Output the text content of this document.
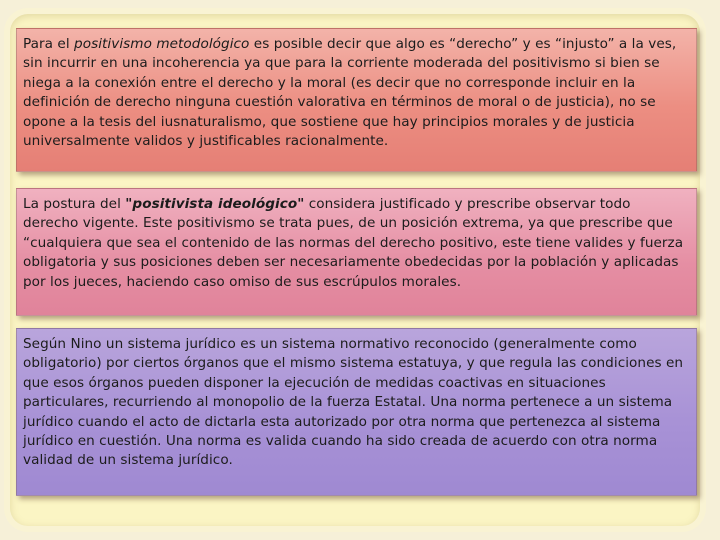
Para el positivismo metodológico es posible decir que algo es “derecho” y es “injusto” a la ves, sin incurrir en una incoherencia ya que para la corriente moderada del positivismo si bien se niega a la conexión entre el derecho y la moral (es decir que no corresponde incluir en la definición de derecho ninguna cuestión valorativa en términos de moral o de justicia), no se opone a la tesis del iusnaturalismo, que sostiene que hay principios morales y de justicia universalmente validos y justificables racionalmente.

La postura del "positivista ideológico" considera justificado y prescribe observar todo derecho vigente. Este positivismo se trata pues, de un posición extrema, ya que prescribe que “cualquiera que sea el contenido de las normas del derecho positivo, este tiene valides y fuerza obligatoria y sus posiciones deben ser necesariamente obedecidas por la población y aplicadas por los jueces, haciendo caso omiso de sus escrúpulos morales.

Según Nino un sistema jurídico es un sistema normativo reconocido (generalmente como obligatorio) por ciertos órganos que el mismo sistema estatuya, y que regula las condiciones en que esos órganos pueden disponer la ejecución de medidas coactivas en situaciones particulares, recurriendo al monopolio de la fuerza Estatal. Una norma pertenece a un sistema jurídico cuando el acto de dictarla esta autorizado por otra norma que pertenezca al sistema jurídico en cuestión. Una norma es valida cuando ha sido creada de acuerdo con otra norma validad de un sistema jurídico.
